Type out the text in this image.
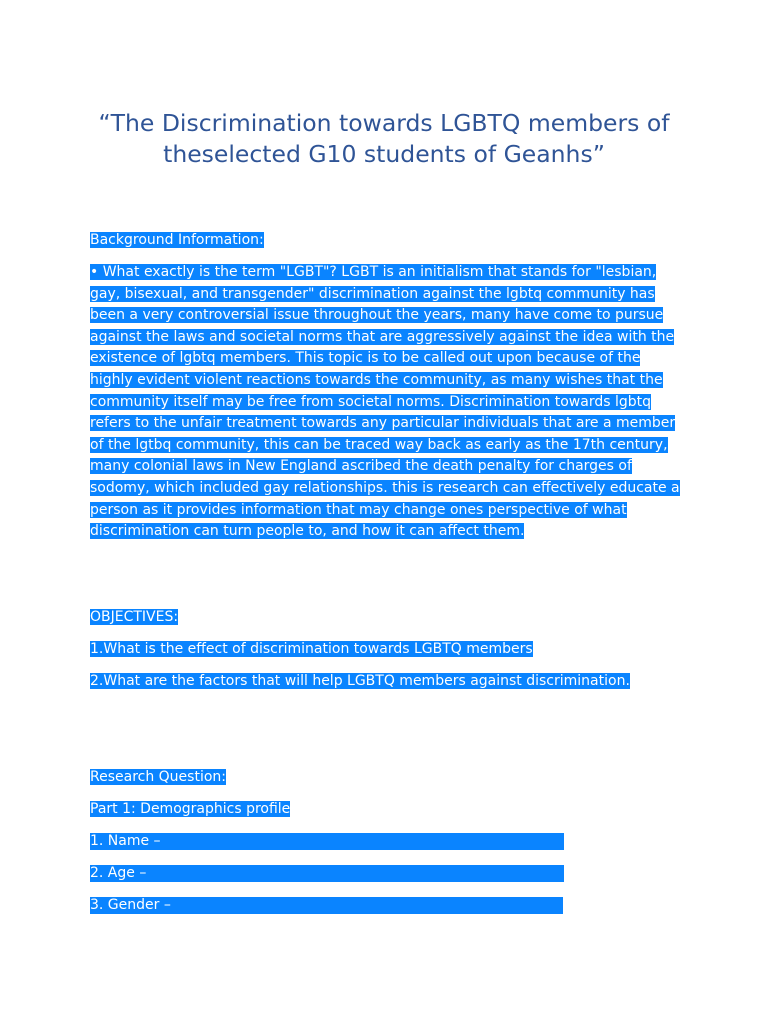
“The Discrimination towards LGBTQ members of theselected G10 students of Geanhs”

Background Information:

• What exactly is the term "LGBT"? LGBT is an initialism that stands for "lesbian, gay, bisexual, and transgender" discrimination against the lgbtq community has been a very controversial issue throughout the years, many have come to pursue against the laws and societal norms that are aggressively against the idea with the existence of lgbtq members. This topic is to be called out upon because of the highly evident violent reactions towards the community, as many wishes that the community itself may be free from societal norms. Discrimination towards lgbtq refers to the unfair treatment towards any particular individuals that are a member of the lgtbq community, this can be traced way back as early as the 17th century, many colonial laws in New England ascribed the death penalty for charges of sodomy, which included gay relationships. this is research can effectively educate a person as it provides information that may change ones perspective of what discrimination can turn people to, and how it can affect them.

OBJECTIVES:

1.What is the effect of discrimination towards LGBTQ members

2.What are the factors that will help LGBTQ members against discrimination.

Research Question:

Part 1: Demographics profile

1. Name –
2. Age –
3. Gender –
